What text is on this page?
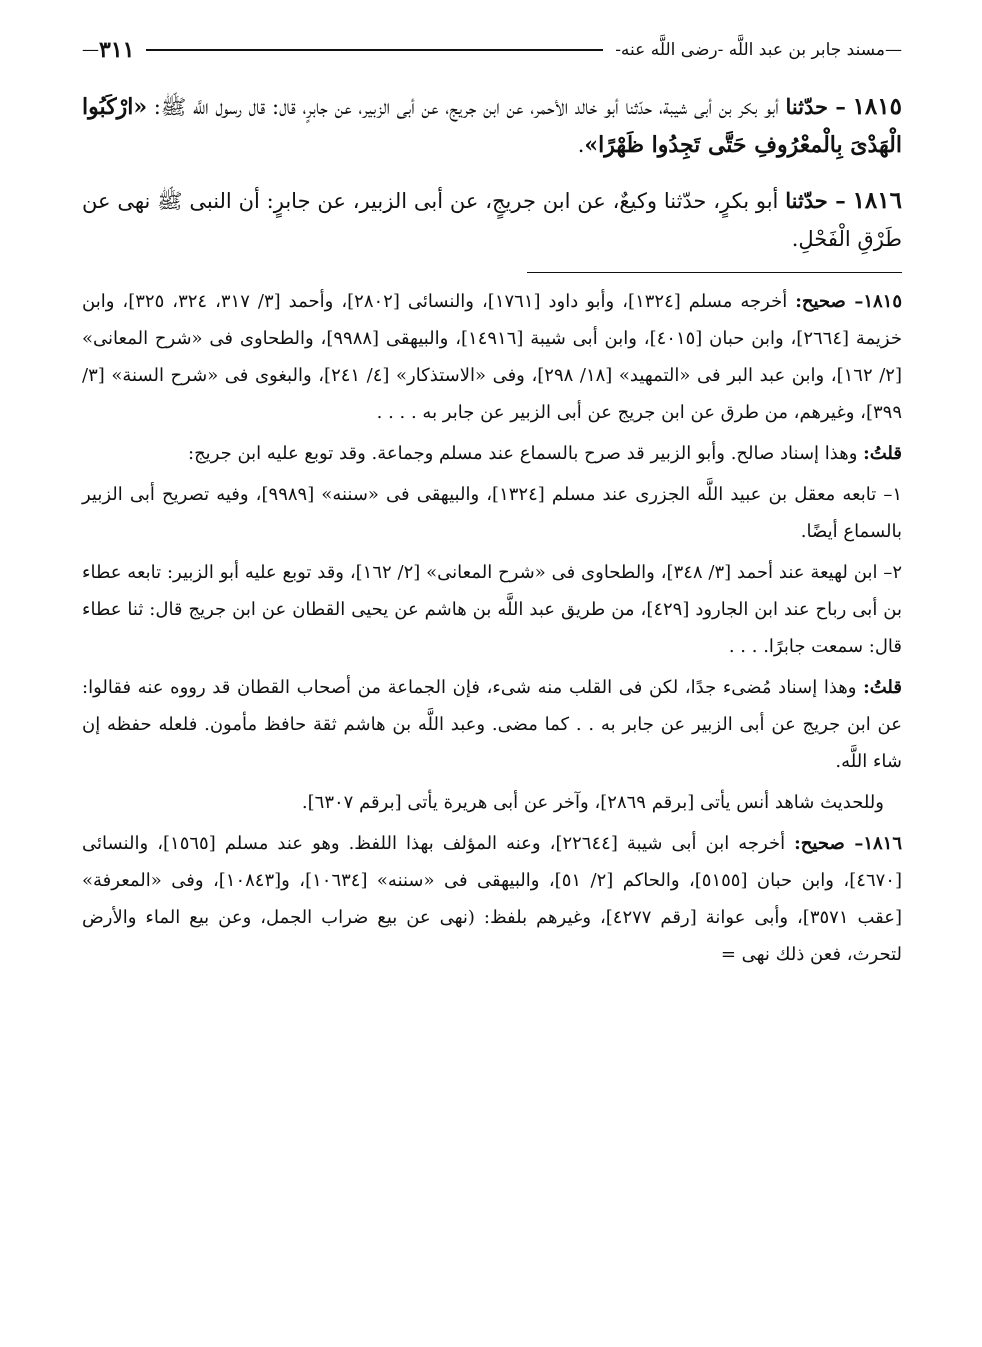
—
مسند جابر بن عبد اللَّه -رضى اللَّه عنه-
٣١١
—

١٨١٥ – حدّثنا أبو بكر بن أبى شيبة، حدّثنا أبو خالد الأحمر، عن ابن جريج، عن أبى الزبير، عن جابرٍ، قال: قال رسول اللَّه ﷺ: «ارْكَبُوا الْهَدْىَ بِالْمعْرُوفِ حَتَّى تَجِدُوا ظَهْرًا».

١٨١٦ – حدّثنا أبو بكرٍ، حدّثنا وكيعٌ، عن ابن جريجٍ، عن أبى الزبير، عن جابرٍ: أن النبى ﷺ نهى عن طَرْقِ الْفَحْلِ.

١٨١٥– صحيح: أخرجه مسلم [١٣٢٤]، وأبو داود [١٧٦١]، والنسائى [٢٨٠٢]، وأحمد [٣/ ٣١٧، ٣٢٤، ٣٢٥]، وابن خزيمة [٢٦٦٤]، وابن حبان [٤٠١٥]، وابن أبى شيبة [١٤٩١٦]، والبيهقى [٩٩٨٨]، والطحاوى فى «شرح المعانى» [٢/ ١٦٢]، وابن عبد البر فى «التمهيد» [١٨/ ٢٩٨]، وفى «الاستذكار» [٤/ ٢٤١]، والبغوى فى «شرح السنة» [٣/ ٣٩٩]، وغيرهم، من طرق عن ابن جريج عن أبى الزبير عن جابر به . . . .

قلتُ: وهذا إسناد صالح. وأبو الزبير قد صرح بالسماع عند مسلم وجماعة. وقد توبع عليه ابن جريج:

١– تابعه معقل بن عبيد اللَّه الجزرى عند مسلم [١٣٢٤]، والبيهقى فى «سننه» [٩٩٨٩]، وفيه تصريح أبى الزبير بالسماع أيضًا.

٢– ابن لهيعة عند أحمد [٣/ ٣٤٨]، والطحاوى فى «شرح المعانى» [٢/ ١٦٢]، وقد توبع عليه أبو الزبير: تابعه عطاء بن أبى رباح عند ابن الجارود [٤٢٩]، من طريق عبد اللَّه بن هاشم عن يحيى القطان عن ابن جريج قال: ثنا عطاء قال: سمعت جابرًا. . . .

قلتُ: وهذا إسناد مُضىء جدًا، لكن فى القلب منه شىء، فإن الجماعة من أصحاب القطان قد رووه عنه فقالوا: عن ابن جريج عن أبى الزبير عن جابر به . . كما مضى. وعبد اللَّه بن هاشم ثقة حافظ مأمون. فلعله حفظه إن شاء اللَّه.

وللحديث شاهد أنس يأتى [برقم ٢٨٦٩]، وآخر عن أبى هريرة يأتى [برقم ٦٣٠٧].

١٨١٦– صحيح: أخرجه ابن أبى شيبة [٢٢٦٤٤]، وعنه المؤلف بهذا اللفظ. وهو عند مسلم [١٥٦٥]، والنسائى [٤٦٧٠]، وابن حبان [٥١٥٥]، والحاكم [٢/ ٥١]، والبيهقى فى «سننه» [١٠٦٣٤]، و[١٠٨٤٣]، وفى «المعرفة» [عقب ٣٥٧١]، وأبى عوانة [رقم ٤٢٧٧]، وغيرهم بلفظ: (نهى عن بيع ضراب الجمل، وعن بيع الماء والأرض لتحرث، فعن ذلك نهى =
